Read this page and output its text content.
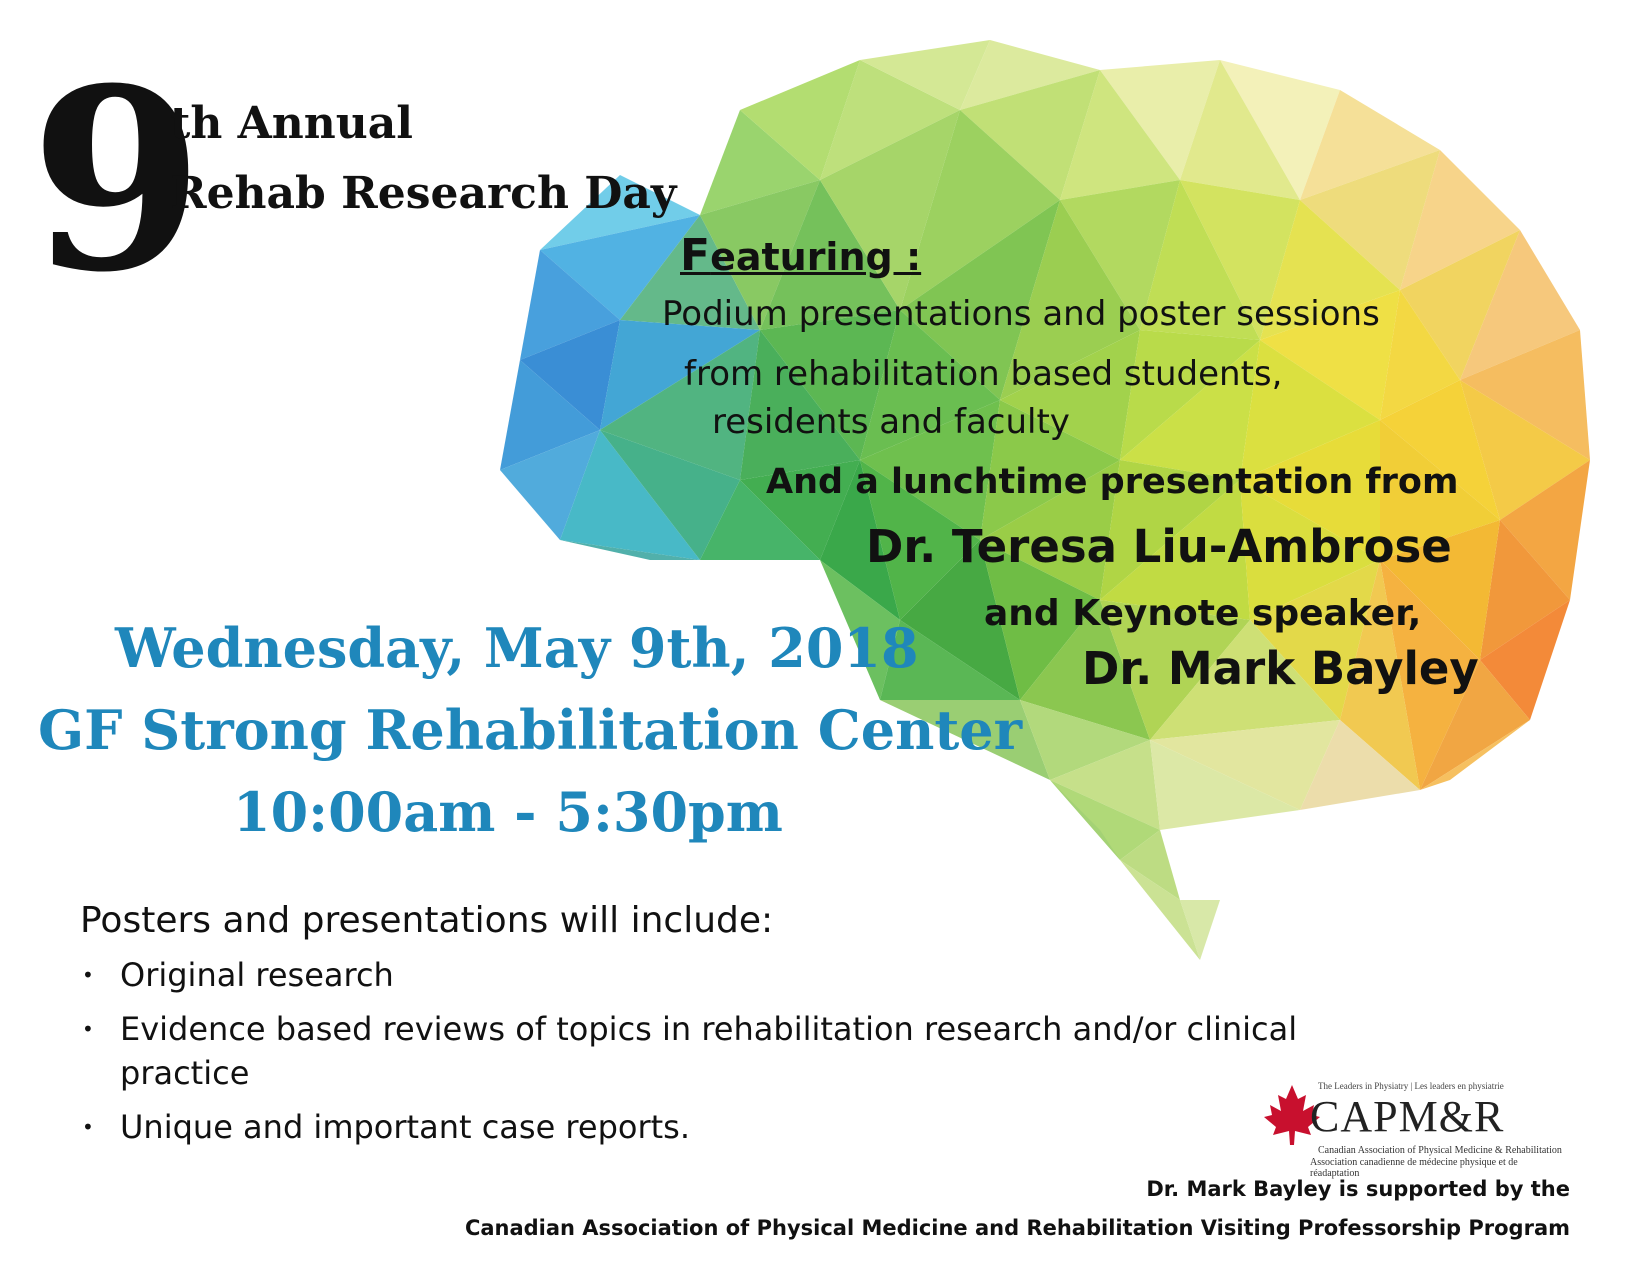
9
th Annual
Rehab Research Day
Featuring :
Podium presentations and poster sessions
from rehabilitation based students,
residents and faculty
And a lunchtime presentation from
Dr. Teresa Liu-Ambrose
and Keynote speaker,
Dr. Mark Bayley
Wednesday, May 9th, 2018
GF Strong Rehabilitation Center
10:00am - 5:30pm
Posters and presentations will include:
• Original research
• Evidence based reviews of topics in rehabilitation research and/or clinical
practice
• Unique and important case reports.
The Leaders in Physiatry | Les leaders en physiatrie
CAPM&R
Canadian Association of Physical Medicine & Rehabilitation
Association canadienne de médecine physique et de réadaptation
Dr. Mark Bayley is supported by the
Canadian Association of Physical Medicine and Rehabilitation Visiting Professorship Program
